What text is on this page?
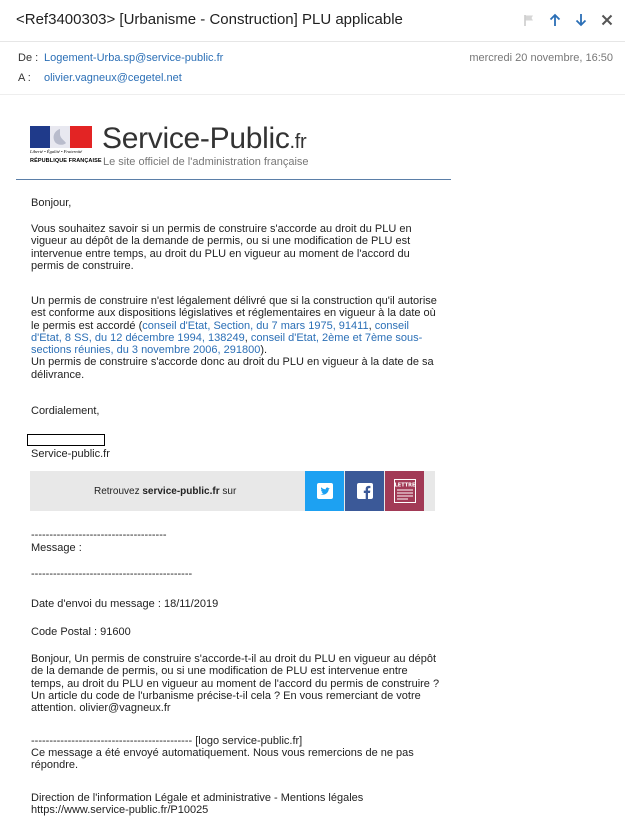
<Ref3400303> [Urbanisme - Construction] PLU applicable
De : Logement-Urba.sp@service-public.fr
A :	olivier.vagneux@cegetel.net
mercredi 20 novembre, 16:50
Liberté • Égalité • Fraternité
RÉPUBLIQUE FRANÇAISE
Service-Public.fr
Le site officiel de l'administration française
Bonjour,
Vous souhaitez savoir si un permis de construire s'accorde au droit du PLU en vigueur au dépôt de la demande de permis, ou si une modification de PLU est intervenue entre temps, au droit du PLU en vigueur au moment de l'accord du permis de construire.
Un permis de construire n'est légalement délivré que si la construction qu'il autorise est conforme aux dispositions législatives et réglementaires en vigueur à la date où le permis est accordé (conseil d'Etat, Section, du 7 mars 1975, 91411, conseil d'Etat, 8 SS, du 12 décembre 1994, 138249, conseil d'Etat, 2ème et 7ème sous-sections réunies, du 3 novembre 2006, 291800).
Un permis de construire s'accorde donc au droit du PLU en vigueur à la date de sa délivrance.
Cordialement,
Service-public.fr
Retrouvez service-public.fr sur
LETTRE
-------------------------------------
Message :
--------------------------------------------
Date d'envoi du message : 18/11/2019
Code Postal : 91600
Bonjour, Un permis de construire s'accorde-t-il au droit du PLU en vigueur au dépôt de la demande de permis, ou si une modification de PLU est intervenue entre temps, au droit du PLU en vigueur au moment de l'accord du permis de construire ? Un article du code de l'urbanisme précise-t-il cela ? En vous remerciant de votre attention. olivier@vagneux.fr
-------------------------------------------- [logo service-public.fr]
Ce message a été envoyé automatiquement. Nous vous remercions de ne pas répondre.
Direction de l'information Légale et administrative - Mentions légales
https://www.service-public.fr/P10025
